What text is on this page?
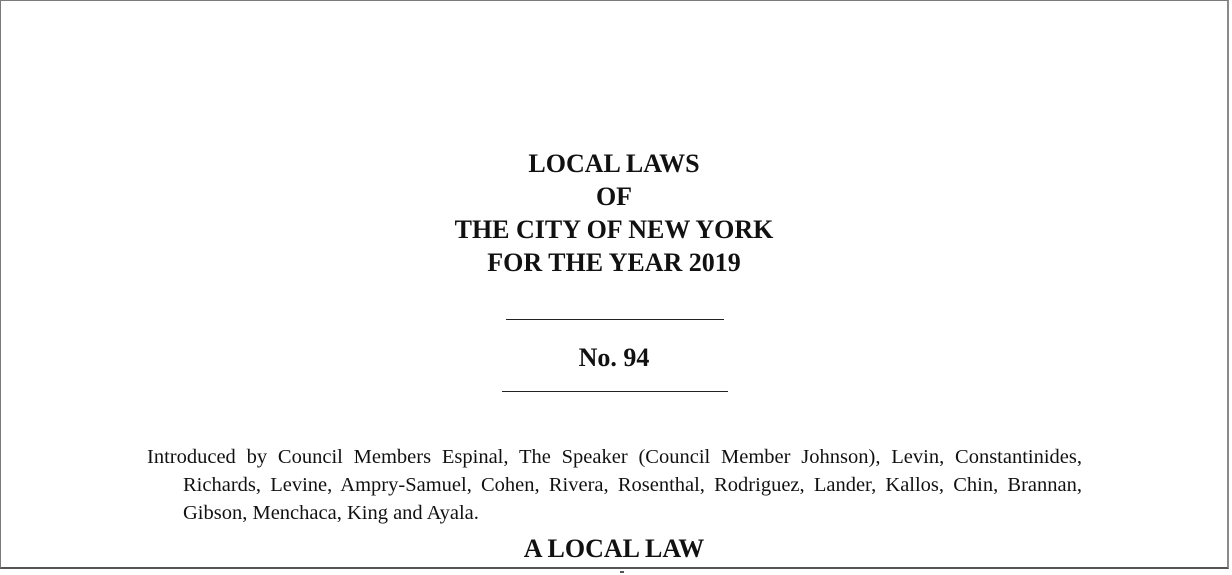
LOCAL LAWS
OF
THE CITY OF NEW YORK
FOR THE YEAR 2019
No. 94

Introduced by Council Members Espinal, The Speaker (Council Member Johnson), Levin, Constantinides, Richards, Levine, Ampry-Samuel, Cohen, Rivera, Rosenthal, Rodriguez, Lander, Kallos, Chin, Brannan, Gibson, Menchaca, King and Ayala.

A LOCAL LAW
